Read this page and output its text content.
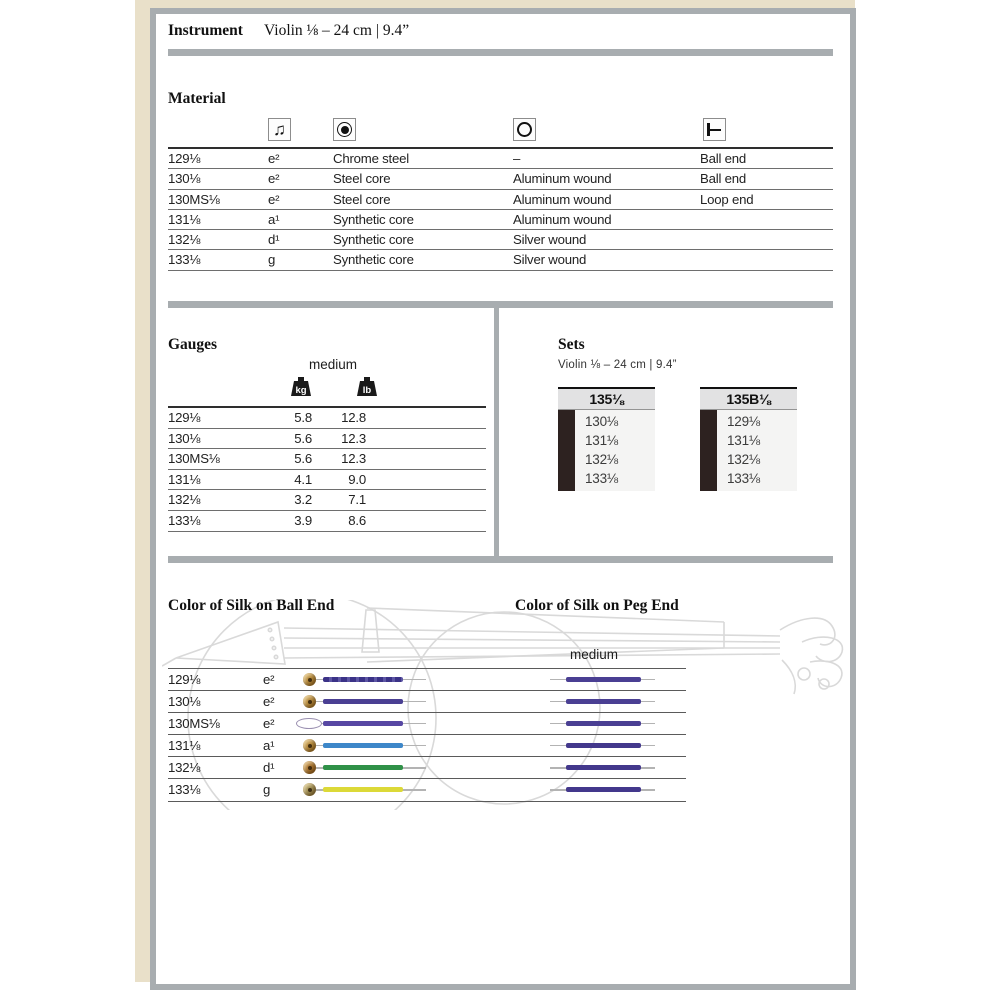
Instrument Violin ⅛ – 24 cm | 9.4”
Material
♫
129⅛	e²	Chrome steel	–	Ball end
130⅛	e²	Steel core	Aluminum wound	Ball end
130MS⅛	e²	Steel core	Aluminum wound	Loop end
131⅛	a¹	Synthetic core	Aluminum wound
132⅛	d¹	Synthetic core	Silver wound
133⅛	g	Synthetic core	Silver wound
Gauges
medium
kg	lb
129⅛	5.8	12.8
130⅛	5.6	12.3
130MS⅛	5.6	12.3
131⅛	4.1	9.0
132⅛	3.2	7.1
133⅛	3.9	8.6
Sets
Violin ⅛ – 24 cm | 9.4”
135⅛
130⅛
131⅛
132⅛
133⅛
135B⅛
129⅛
131⅛
132⅛
133⅛
Color of Silk on Ball End	Color of Silk on Peg End
medium
129⅛	e²
130⅛	e²
130MS⅛	e²
131⅛	a¹
132⅛	d¹
133⅛	g
